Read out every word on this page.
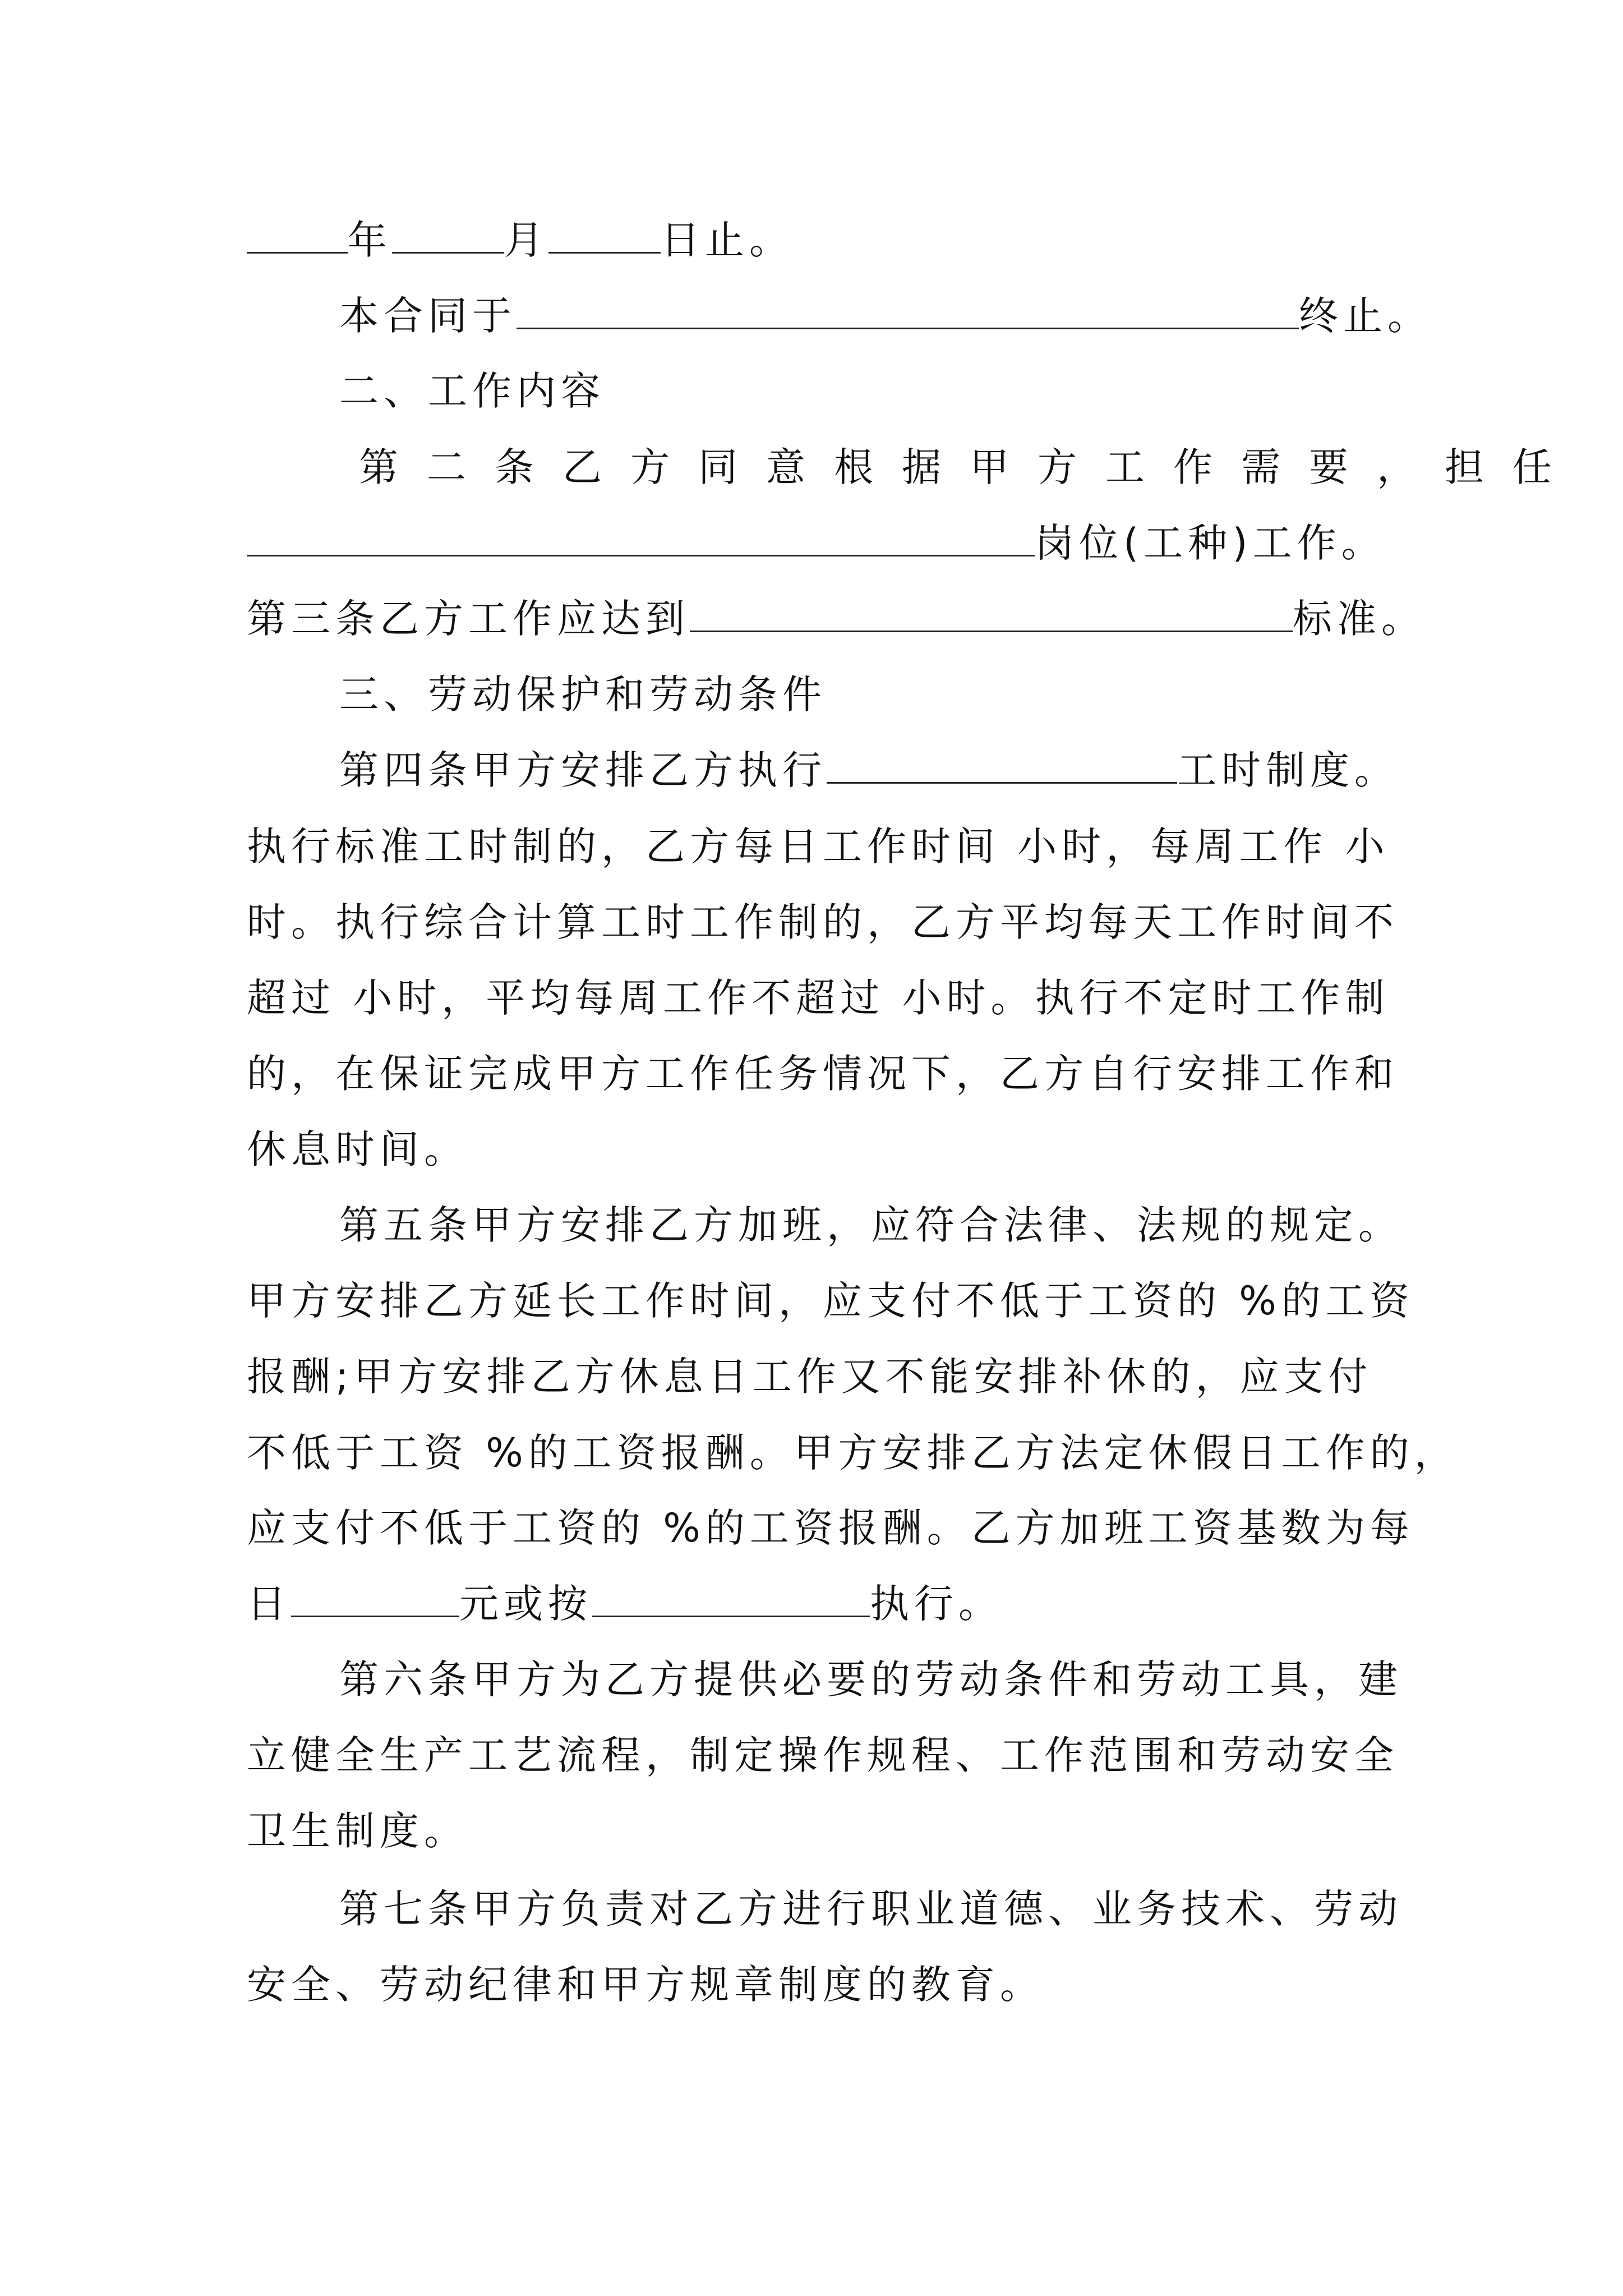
年	月	日止。
本合同于	终止。
二、工作内容
第二条乙方同意根据甲方工作需要，担任
岗位(工种)工作。
第三条乙方工作应达到	标准。
三、劳动保护和劳动条件
第四条甲方安排乙方执行	工时制度。
执行标准工时制的，乙方每日工作时间 小时，每周工作 小
时。执行综合计算工时工作制的，乙方平均每天工作时间不
超过 小时，平均每周工作不超过 小时。执行不定时工作制
的，在保证完成甲方工作任务情况下，乙方自行安排工作和
休息时间。
第五条甲方安排乙方加班，应符合法律、法规的规定。
甲方安排乙方延长工作时间，应支付不低于工资的 %的工资
报酬;甲方安排乙方休息日工作又不能安排补休的，应支付
不低于工资 %的工资报酬。甲方安排乙方法定休假日工作的，
应支付不低于工资的 %的工资报酬。乙方加班工资基数为每
日	元或按	执行。
第六条甲方为乙方提供必要的劳动条件和劳动工具，建
立健全生产工艺流程，制定操作规程、工作范围和劳动安全
卫生制度。
第七条甲方负责对乙方进行职业道德、业务技术、劳动
安全、劳动纪律和甲方规章制度的教育。
